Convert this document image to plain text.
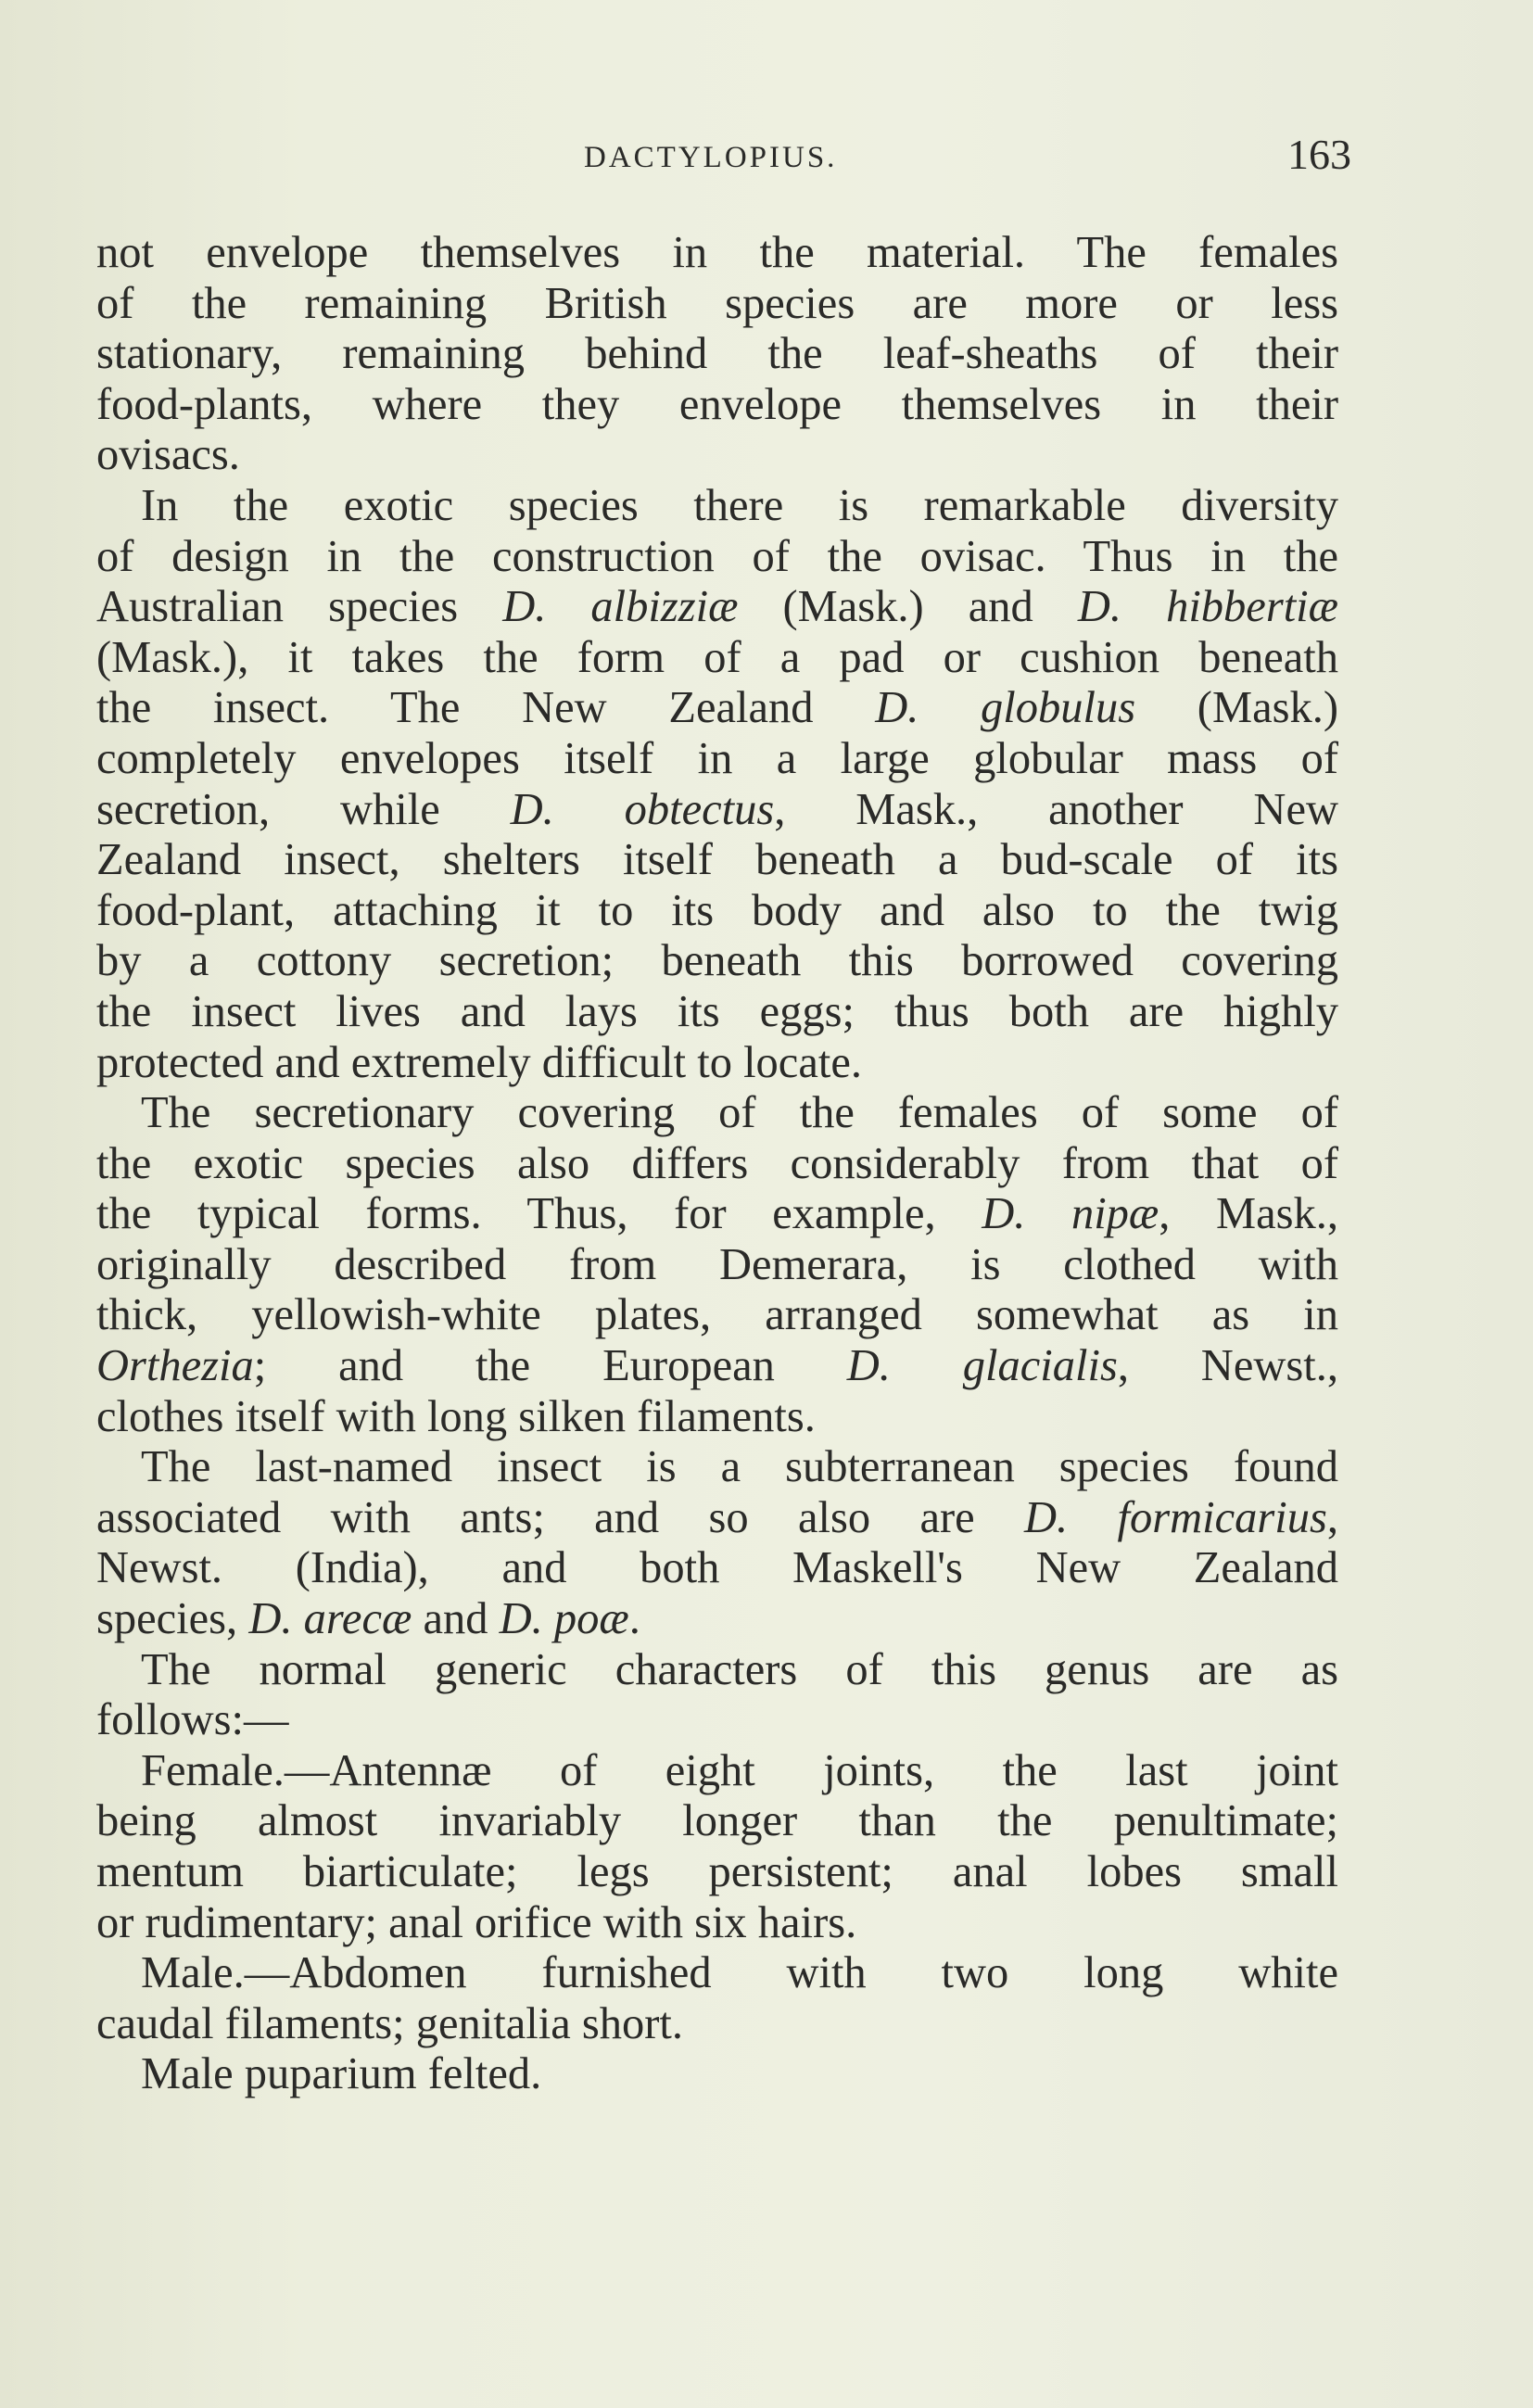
DACTYLOPIUS.	163
not envelope themselves in the material. The females
of the remaining British species are more or less
stationary, remaining behind the leaf-sheaths of their
food-plants, where they envelope themselves in their
ovisacs.
In the exotic species there is remarkable diversity
of design in the construction of the ovisac. Thus in the
Australian species D. albizziæ (Mask.) and D. hibbertiæ
(Mask.), it takes the form of a pad or cushion beneath
the insect. The New Zealand D. globulus (Mask.)
completely envelopes itself in a large globular mass of
secretion, while D. obtectus, Mask., another New
Zealand insect, shelters itself beneath a bud-scale of its
food-plant, attaching it to its body and also to the twig
by a cottony secretion; beneath this borrowed covering
the insect lives and lays its eggs; thus both are highly
protected and extremely difficult to locate.
The secretionary covering of the females of some of
the exotic species also differs considerably from that of
the typical forms. Thus, for example, D. nipæ, Mask.,
originally described from Demerara, is clothed with
thick, yellowish-white plates, arranged somewhat as in
Orthezia; and the European D. glacialis, Newst.,
clothes itself with long silken filaments.
The last-named insect is a subterranean species found
associated with ants; and so also are D. formicarius,
Newst. (India), and both Maskell's New Zealand
species, D. arecæ and D. poæ.
The normal generic characters of this genus are as
follows:—
Female.—Antennæ of eight joints, the last joint
being almost invariably longer than the penultimate;
mentum biarticulate; legs persistent; anal lobes small
or rudimentary; anal orifice with six hairs.
Male.—Abdomen furnished with two long white
caudal filaments; genitalia short.
Male puparium felted.
